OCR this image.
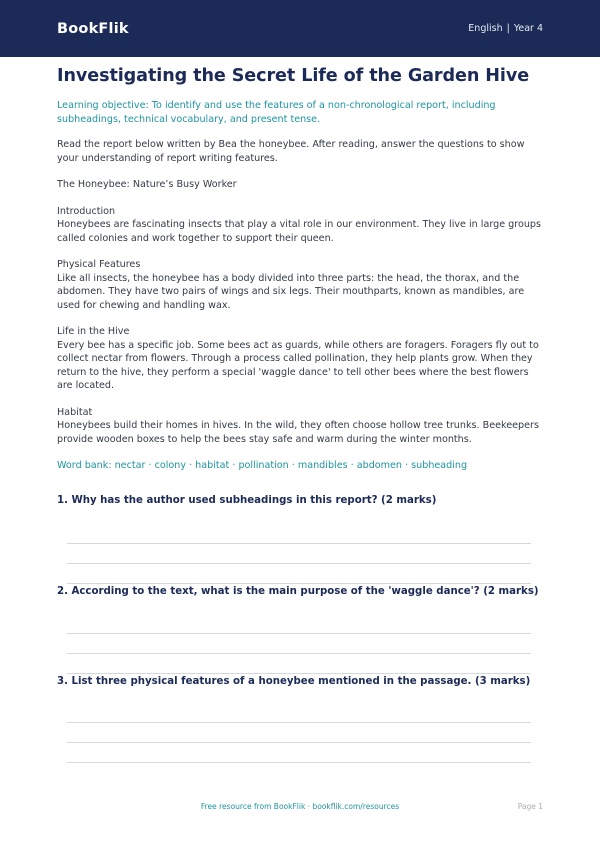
BookFlik	English | Year 4
Investigating the Secret Life of the Garden Hive

Learning objective: To identify and use the features of a non-chronological report, including subheadings, technical vocabulary, and present tense.

Read the report below written by Bea the honeybee. After reading, answer the questions to show your understanding of report writing features.

The Honeybee: Nature’s Busy Worker

Introduction

Honeybees are fascinating insects that play a vital role in our environment. They live in large groups called colonies and work together to support their queen.

Physical Features

Like all insects, the honeybee has a body divided into three parts: the head, the thorax, and the abdomen. They have two pairs of wings and six legs. Their mouthparts, known as mandibles, are used for chewing and handling wax.

Life in the Hive

Every bee has a specific job. Some bees act as guards, while others are foragers. Foragers fly out to collect nectar from flowers. Through a process called pollination, they help plants grow. When they return to the hive, they perform a special 'waggle dance' to tell other bees where the best flowers are located.

Habitat

Honeybees build their homes in hives. In the wild, they often choose hollow tree trunks. Beekeepers provide wooden boxes to help the bees stay safe and warm during the winter months.

Word bank: nectar · colony · habitat · pollination · mandibles · abdomen · subheading

1. Why has the author used subheadings in this report? (2 marks)

2. According to the text, what is the main purpose of the 'waggle dance'? (2 marks)

3. List three physical features of a honeybee mentioned in the passage. (3 marks)

Free resource from BookFlik · bookflik.com/resources	Page 1
